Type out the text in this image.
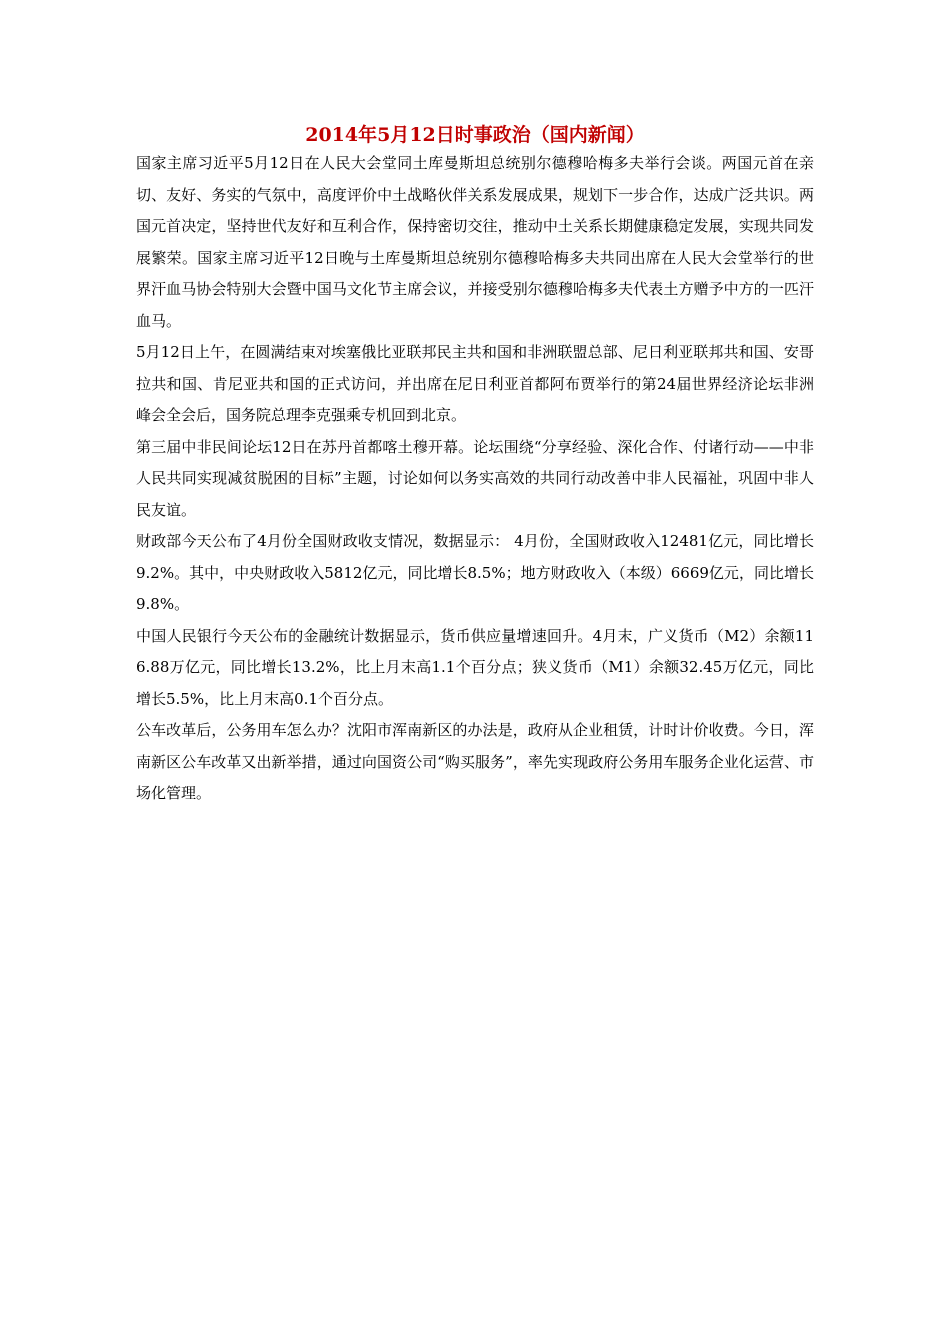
2014年5月12日时事政治（国内新闻）

国家主席习近平5月12日在人民大会堂同土库曼斯坦总统别尔德穆哈梅多夫举行会谈。两国元首在亲切、友好、务实的气氛中，高度评价中土战略伙伴关系发展成果，规划下一步合作，达成广泛共识。两国元首决定，坚持世代友好和互利合作，保持密切交往，推动中土关系长期健康稳定发展，实现共同发展繁荣。国家主席习近平12日晚与土库曼斯坦总统别尔德穆哈梅多夫共同出席在人民大会堂举行的世界汗血马协会特别大会暨中国马文化节主席会议，并接受别尔德穆哈梅多夫代表土方赠予中方的一匹汗血马。

5月12日上午，在圆满结束对埃塞俄比亚联邦民主共和国和非洲联盟总部、尼日利亚联邦共和国、安哥拉共和国、肯尼亚共和国的正式访问，并出席在尼日利亚首都阿布贾举行的第24届世界经济论坛非洲峰会全会后，国务院总理李克强乘专机回到北京。

第三届中非民间论坛12日在苏丹首都喀土穆开幕。论坛围绕“分享经验、深化合作、付诸行动——中非人民共同实现减贫脱困的目标”主题，讨论如何以务实高效的共同行动改善中非人民福祉，巩固中非人民友谊。

财政部今天公布了4月份全国财政收支情况，数据显示： 4月份，全国财政收入12481亿元，同比增长9.2%。其中，中央财政收入5812亿元，同比增长8.5%；地方财政收入（本级）6669亿元，同比增长9.8%。

中国人民银行今天公布的金融统计数据显示，货币供应量增速回升。4月末，广义货币（M2）余额116.88万亿元，同比增长13.2%，比上月末高1.1个百分点；狭义货币（M1）余额32.45万亿元，同比增长5.5%，比上月末高0.1个百分点。

公车改革后，公务用车怎么办？沈阳市浑南新区的办法是，政府从企业租赁，计时计价收费。今日，浑南新区公车改革又出新举措，通过向国资公司“购买服务”，率先实现政府公务用车服务企业化运营、市场化管理。
